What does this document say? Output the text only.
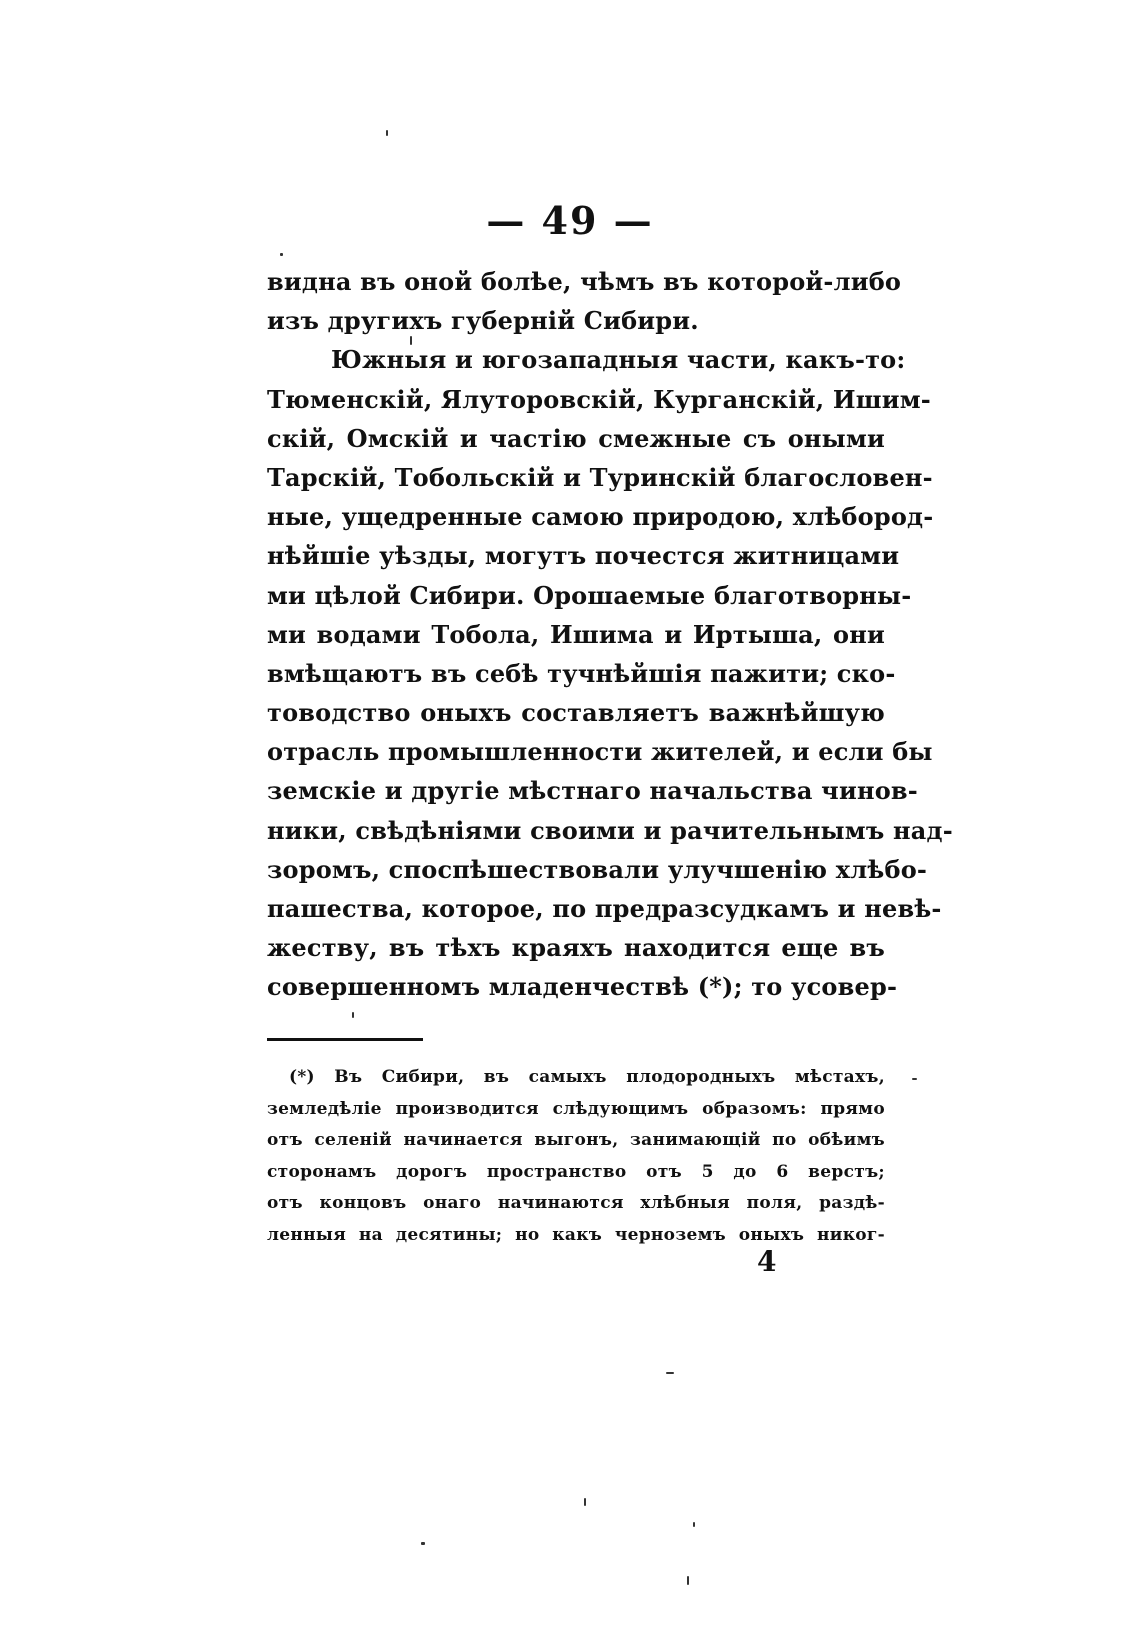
— 49 —
видна въ оной болѣе, чѣмъ въ которой-либо
изъ другихъ губерній Сибири.
Южныя и югозападныя части, какъ-то:
Тюменскій, Ялуторовскій, Курганскій, Ишим-
скій, Омскій и частію смежные съ оными
Тарскій, Тобольскій и Туринскій благословен-
ные, ущедренные самою природою, хлѣбород-
нѣйшіе уѣзды, могутъ почестся житницами
ми цѣлой Сибири. Орошаемые благотворны-
ми водами Тобола, Ишима и Иртыша, они
вмѣщаютъ въ себѣ тучнѣйшія пажити; ско-
товодство оныхъ составляетъ важнѣйшую
отрасль промышленности жителей, и если бы
земскіе и другіе мѣстнаго начальства чинов-
ники, свѣдѣніями своими и рачительнымъ над-
зоромъ, споспѣшествовали улучшенію хлѣбо-
пашества, которое, по предразсудкамъ и невѣ-
жеству, въ тѣхъ краяхъ находится еще въ
совершенномъ младенчествѣ (*); то усовер-
(*) Въ Сибири, въ самыхъ плодородныхъ мѣстахъ,
земледѣліе производится слѣдующимъ образомъ: прямо
отъ селеній начинается выгонъ, занимающій по обѣимъ
сторонамъ дорогъ пространство отъ 5 до 6 верстъ;
отъ концовъ онаго начинаются хлѣбныя поля, раздѣ-
ленныя на десятины; но какъ черноземъ оныхъ никог-
4
